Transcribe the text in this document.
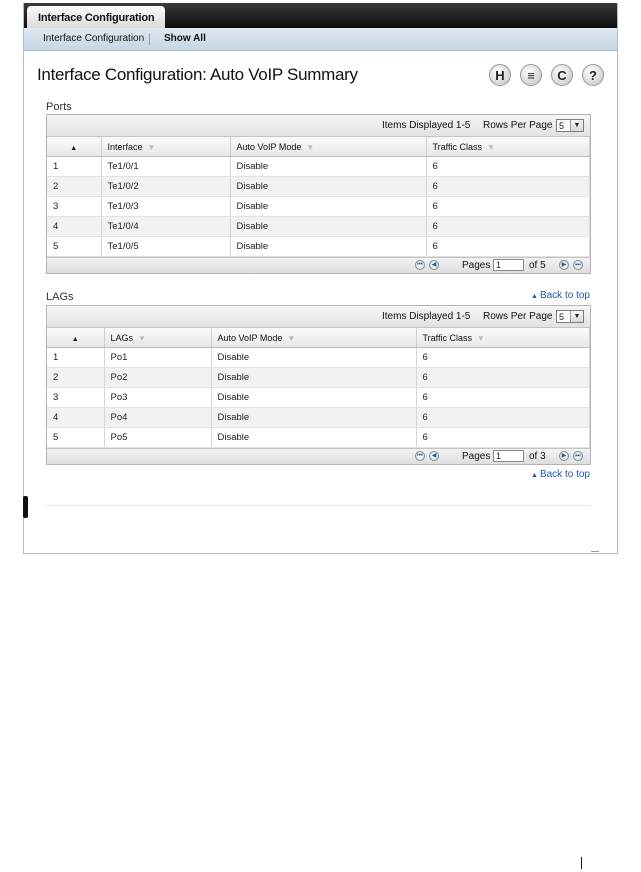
Interface Configuration
Interface Configuration Show All
Interface Configuration: Auto VoIP Summary	H ≡ C ?
Ports
Items Displayed 1-5 Rows Per Page 5	▼
▲	Interface ▼	Auto VoIP Mode ▼	Traffic Class ▼
1	Te1/0/1	Disable	6
2	Te1/0/2	Disable	6
3	Te1/0/3	Disable	6
4	Te1/0/4	Disable	6
5	Te1/0/5	Disable	6
⏮	◀	Pages 1	of 5	▶	⏭
LAGs	▲ Back to top
Items Displayed 1-5 Rows Per Page 5	▼
▲	LAGs ▼	Auto VoIP Mode ▼	Traffic Class ▼
1	Po1	Disable	6
2	Po2	Disable	6
3	Po3	Disable	6
4	Po4	Disable	6
5	Po5	Disable	6
⏮	◀	Pages 1	of 3	▶	⏭
▲ Back to top
